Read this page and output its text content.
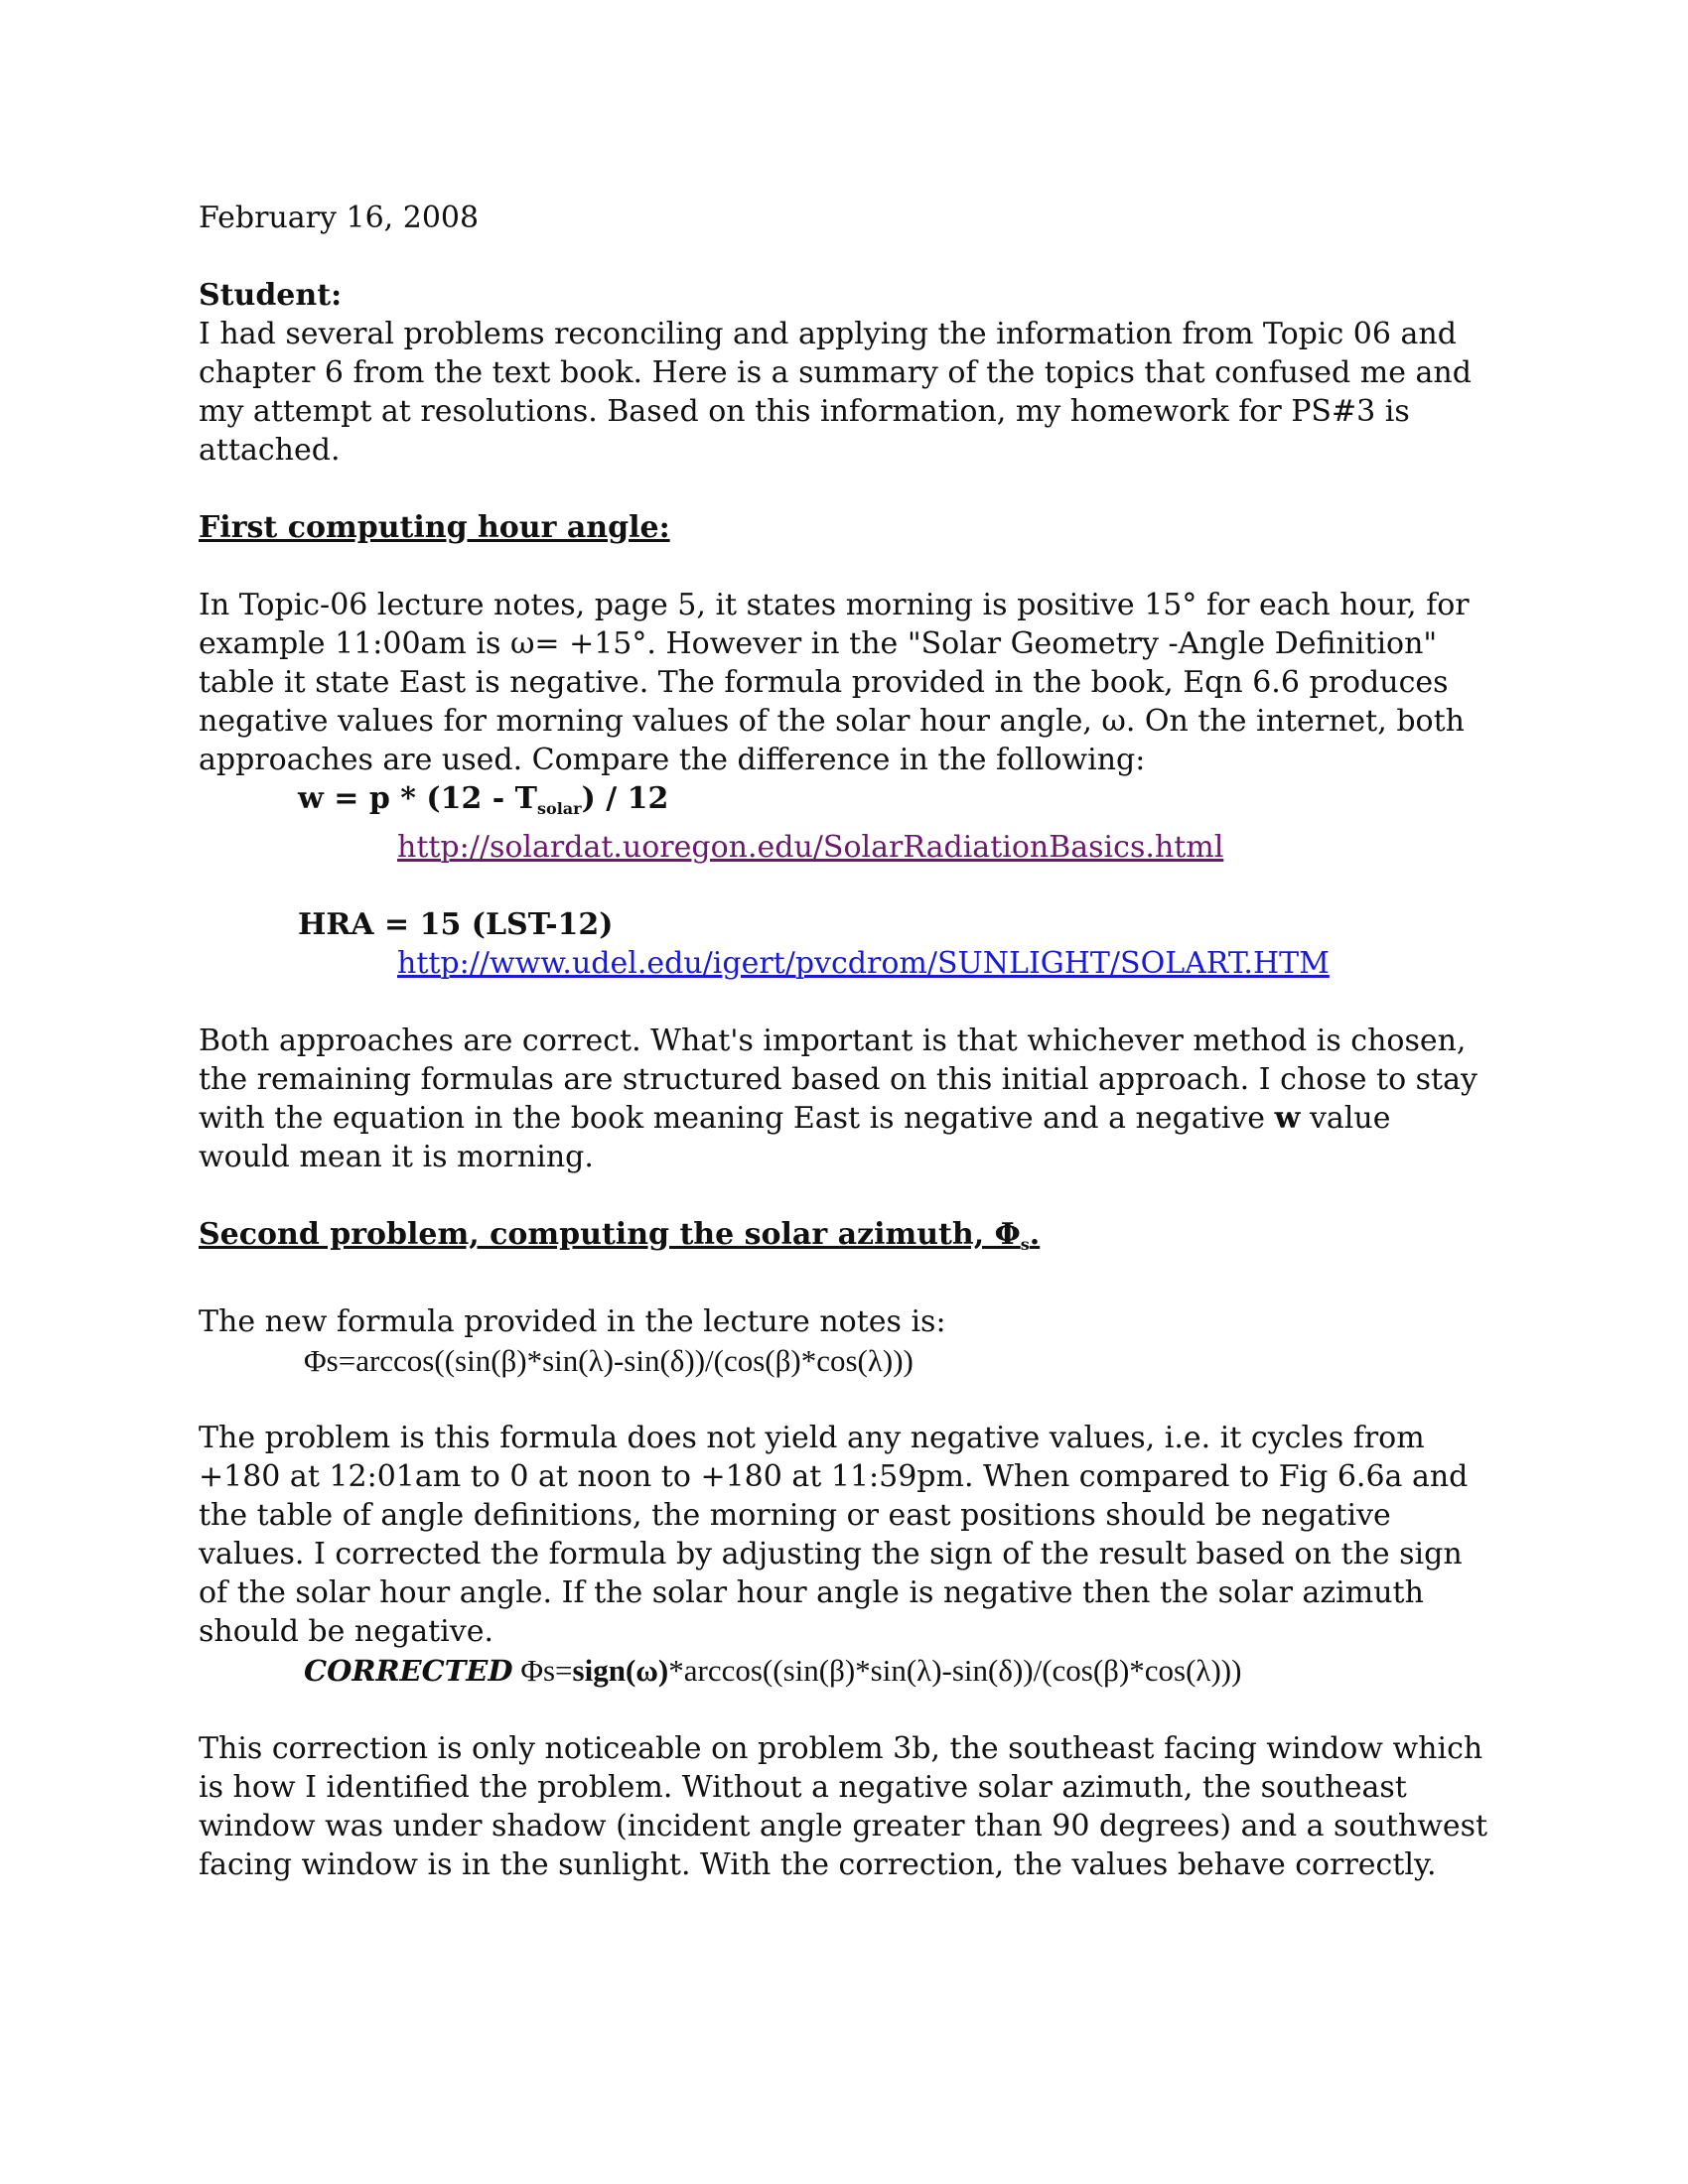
February 16, 2008

Student:

I had several problems reconciling and applying the information from Topic 06 and chapter 6 from the text book. Here is a summary of the topics that confused me and my attempt at resolutions. Based on this information, my homework for PS#3 is attached.

First computing hour angle:

In Topic-06 lecture notes, page 5, it states morning is positive 15° for each hour, for example 11:00am is ω= +15°. However in the "Solar Geometry -Angle Definition" table it state East is negative. The formula provided in the book, Eqn 6.6 produces negative values for morning values of the solar hour angle, ω. On the internet, both approaches are used. Compare the difference in the following:

$w = p * (12 - T_{solar}) / 12$

http://solardat.uoregon.edu/SolarRadiationBasics.html

HRA = 15 (LST-12)

http://www.udel.edu/igert/pvcdrom/SUNLIGHT/SOLART.HTM

Both approaches are correct. What's important is that whichever method is chosen, the remaining formulas are structured based on this initial approach. I chose to stay with the equation in the book meaning East is negative and a negative w value would mean it is morning.

Second problem, computing the solar azimuth, $\Phi_s$.

The new formula provided in the lecture notes is:

Φs=arccos((sin(β)*sin(λ)-sin(δ))/(cos(β)*cos(λ)))

The problem is this formula does not yield any negative values, i.e. it cycles from +180 at 12:01am to 0 at noon to +180 at 11:59pm. When compared to Fig 6.6a and the table of angle definitions, the morning or east positions should be negative values. I corrected the formula by adjusting the sign of the result based on the sign of the solar hour angle. If the solar hour angle is negative then the solar azimuth should be negative.

CORRECTED Φs=sign(ω)*arccos((sin(β)*sin(λ)-sin(δ))/(cos(β)*cos(λ)))

This correction is only noticeable on problem 3b, the southeast facing window which is how I identified the problem. Without a negative solar azimuth, the southeast window was under shadow (incident angle greater than 90 degrees) and a southwest facing window is in the sunlight. With the correction, the values behave correctly.
